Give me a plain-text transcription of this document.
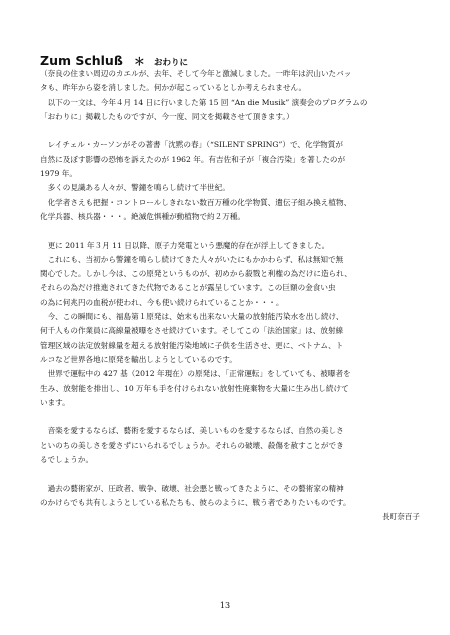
Zum Schluß ＊ おわりに
（奈良の住まい周辺のカエルが、去年、そして今年と激減しました。一昨年は沢山いたバッ
タも、昨年から姿を消しました。何かが起こっているとしか考えられません。
　以下の一文は、今年４月 14 日に行いました第 15 回 “An die Musik” 演奏会のプログラムの
「おわりに」掲載したものですが、今一度、同文を掲載させて頂きます。）
　レイチェル・カーソンがその著書「沈黙の春」（“SILENT SPRING”）で、化学物質が
自然に及ぼす影響の恐怖を訴えたのが 1962 年。有吉佐和子が「複合汚染」を著したのが
1979 年。
　多くの見識ある人々が、警鐘を鳴らし続けて半世紀。
　化学者さえも把握・コントロールしきれない数百万種の化学物質、遺伝子組み換え植物、
化学兵器、核兵器・・・。絶滅危惧種が動植物で約２万種。
　更に 2011 年３月 11 日以降、原子力発電という悪魔的存在が浮上してきました。
　これにも、当初から警鐘を鳴らし続けてきた人々がいたにもかかわらず、私は無知で無
関心でした。しかし今は、この原発というものが、初めから殺戮と利権の為だけに造られ、
それらの為だけ推進されてきた代物であることが露呈しています。この巨額の金食い虫
の為に何兆円の血税が使われ、今も使い続けられていることか・・・。
　今、この瞬間にも、福島第１原発は、始末も出来ない大量の放射能汚染水を出し続け、
何千人もの作業員に高線量被曝をさせ続けています。そしてこの「法治国家」は、放射線
管理区域の法定放射線量を超える放射能汚染地域に子供を生活させ、更に、ベトナム、ト
ルコなど世界各地に原発を輸出しようとしているのです。
　世界で運転中の 427 基（2012 年現在）の原発は、「正常運転」をしていても、被曝者を
生み、放射能を排出し、10 万年も手を付けられない放射性廃棄物を大量に生み出し続けて
います。
　音楽を愛するならば、藝術を愛するならば、美しいものを愛するならば、自然の美しさ
といのちの美しさを愛さずにいられるでしょうか。それらの破壊、殺傷を赦すことができ
るでしょうか。
　過去の藝術家が、圧政者、戦争、破壊、社会悪と戦ってきたように、その藝術家の精神
のかけらでも共有しようとしている私たちも、彼らのように、戦う者でありたいものです。
長町奈百子
13
